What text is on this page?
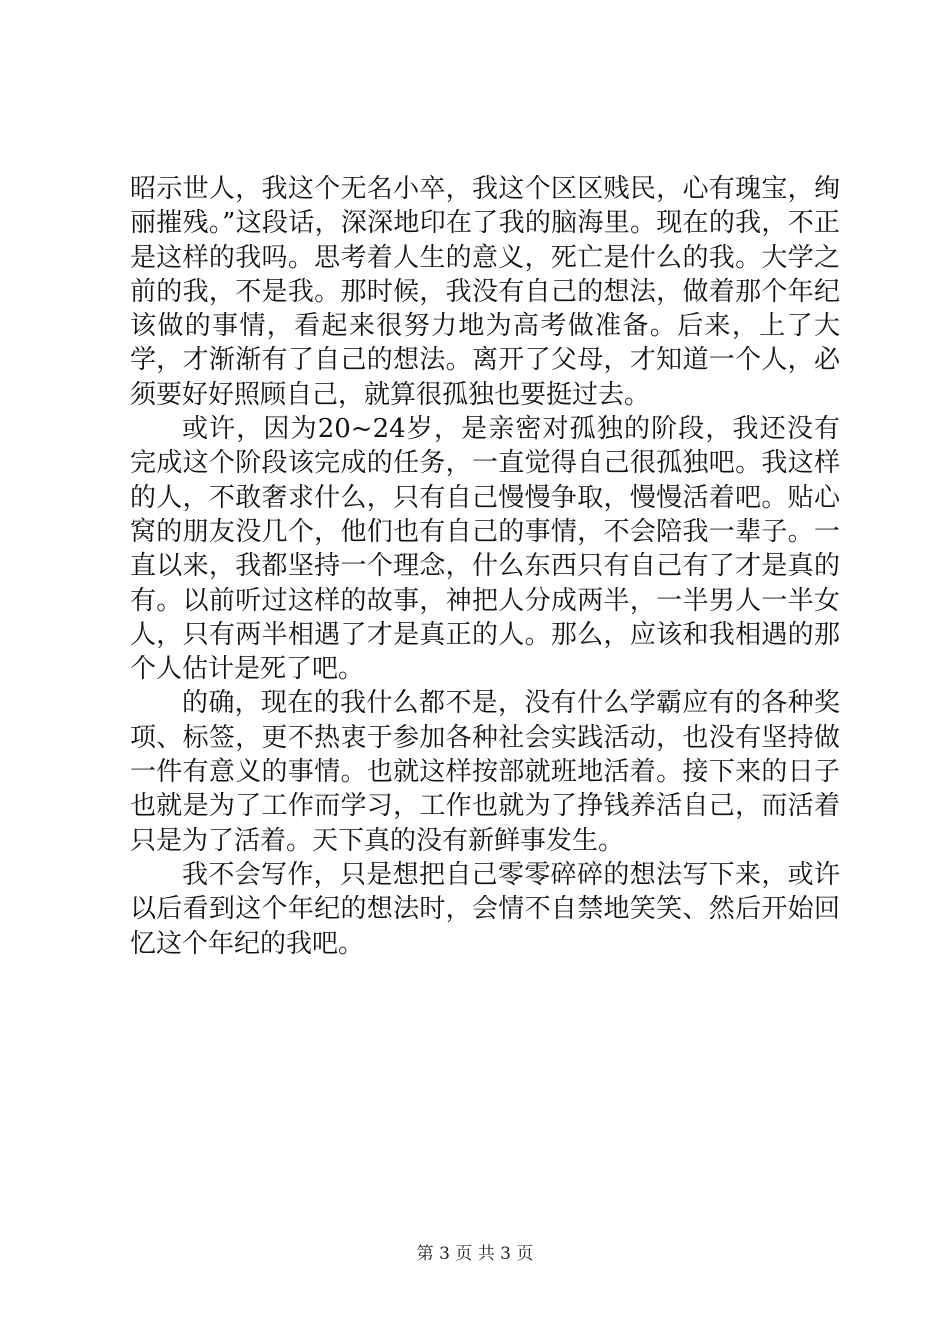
昭示世人，我这个无名小卒，我这个区区贱民，心有瑰宝，绚丽摧残。”这段话，深深地印在了我的脑海里。现在的我，不正是这样的我吗。思考着人生的意义，死亡是什么的我。大学之前的我，不是我。那时候，我没有自己的想法，做着那个年纪该做的事情，看起来很努力地为高考做准备。后来，上了大学，才渐渐有了自己的想法。离开了父母，才知道一个人，必须要好好照顾自己，就算很孤独也要挺过去。

或许，因为20~24岁，是亲密对孤独的阶段，我还没有完成这个阶段该完成的任务，一直觉得自己很孤独吧。我这样的人，不敢奢求什么，只有自己慢慢争取，慢慢活着吧。贴心窝的朋友没几个，他们也有自己的事情，不会陪我一辈子。一直以来，我都坚持一个理念，什么东西只有自己有了才是真的有。以前听过这样的故事，神把人分成两半，一半男人一半女人，只有两半相遇了才是真正的人。那么，应该和我相遇的那个人估计是死了吧。

的确，现在的我什么都不是，没有什么学霸应有的各种奖项、标签，更不热衷于参加各种社会实践活动，也没有坚持做一件有意义的事情。也就这样按部就班地活着。接下来的日子也就是为了工作而学习，工作也就为了挣钱养活自己，而活着只是为了活着。天下真的没有新鲜事发生。

我不会写作，只是想把自己零零碎碎的想法写下来，或许以后看到这个年纪的想法时，会情不自禁地笑笑、然后开始回忆这个年纪的我吧。

第 3 页 共 3 页
